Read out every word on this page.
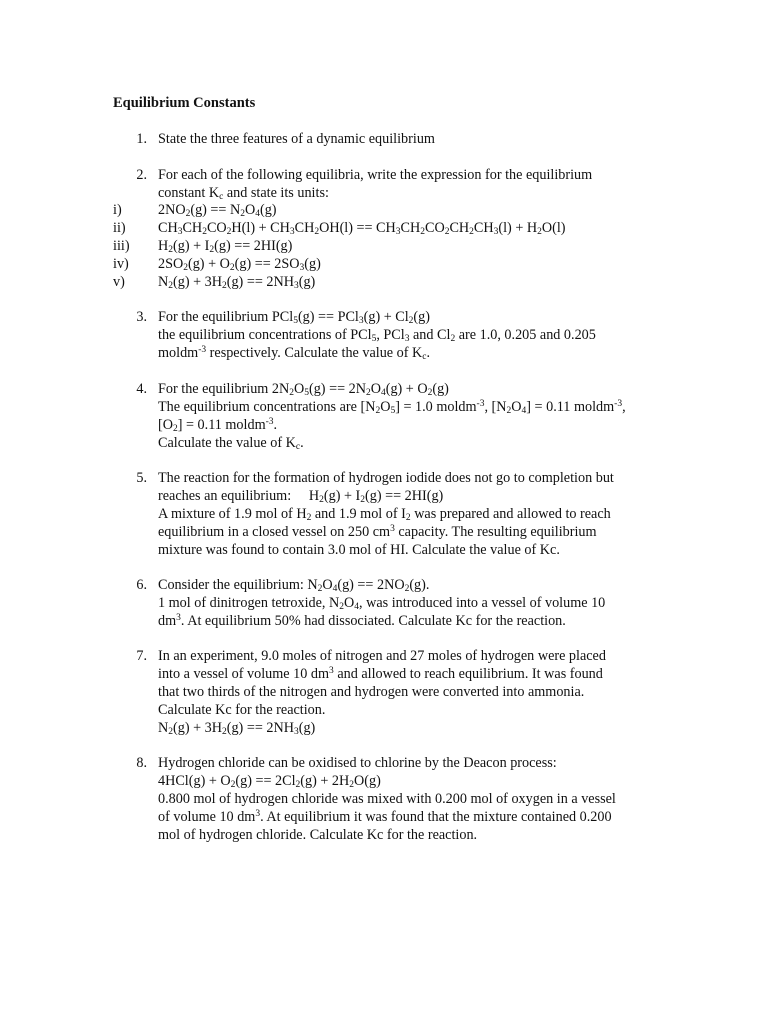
Equilibrium Constants
1. State the three features of a dynamic equilibrium
2. For each of the following equilibria, write the expression for the equilibrium
constant $K_c$ and state its units:
i)	$2NO_2(g) == N_2O_4(g)$
ii) $CH_3CH_2CO_2H(l) + CH_3CH_2OH(l) == CH_3CH_2CO_2CH_2CH_3(l) + H_2O(l)$
iii) $H_2(g) + I_2(g) == 2HI(g)$
iv) $2SO_2(g) + O_2(g) == 2SO_3(g)$
v) $N_2(g) + 3H_2(g) == 2NH_3(g)$
3. For the equilibrium $PCl_5(g) == PCl_3(g) + Cl_2(g)$
the equilibrium concentrations of PCl$_5$, PCl$_3$ and $Cl_2$ are 1.0, 0.205 and 0.205
moldm$^{-3}$ respectively. Calculate the value of $K_c$.
4. For the equilibrium $2N_2O_5(g) == 2N_2O_4(g) + O_2(g)$
The equilibrium concentrations are $[N_2O_5] = 1.0$ moldm$^{-3}$, $[N_2O_4] = 0.11$ moldm$^{-3}$,
$[O_2] = 0.11$ moldm$^{-3}$.
Calculate the value of $K_c$.
5. The reaction for the formation of hydrogen iodide does not go to completion but
reaches an equilibrium:     $H_2(g) + I_2(g) == 2HI(g)$
A mixture of 1.9 mol of $H_2$ and 1.9 mol of $I_2$ was prepared and allowed to reach
equilibrium in a closed vessel on 250 $cm^3$ capacity. The resulting equilibrium
mixture was found to contain 3.0 mol of HI. Calculate the value of Kc.
6. Consider the equilibrium: $N_2O_4(g) == 2NO_2(g)$.
1 mol of dinitrogen tetroxide, $N_2O_4$, was introduced into a vessel of volume 10
$dm^3$. At equilibrium 50% had dissociated. Calculate Kc for the reaction.
7. In an experiment, 9.0 moles of nitrogen and 27 moles of hydrogen were placed
into a vessel of volume 10 $dm^3$ and allowed to reach equilibrium. It was found
that two thirds of the nitrogen and hydrogen were converted into ammonia.
Calculate Kc for the reaction.
$N_2(g) + 3H_2(g) == 2NH_3(g)$
8. Hydrogen chloride can be oxidised to chlorine by the Deacon process:
$4HCl(g) + O_2(g) == 2Cl_2(g) + 2H_2O(g)$
0.800 mol of hydrogen chloride was mixed with 0.200 mol of oxygen in a vessel
of volume 10 $dm^3$. At equilibrium it was found that the mixture contained 0.200
mol of hydrogen chloride. Calculate Kc for the reaction.
